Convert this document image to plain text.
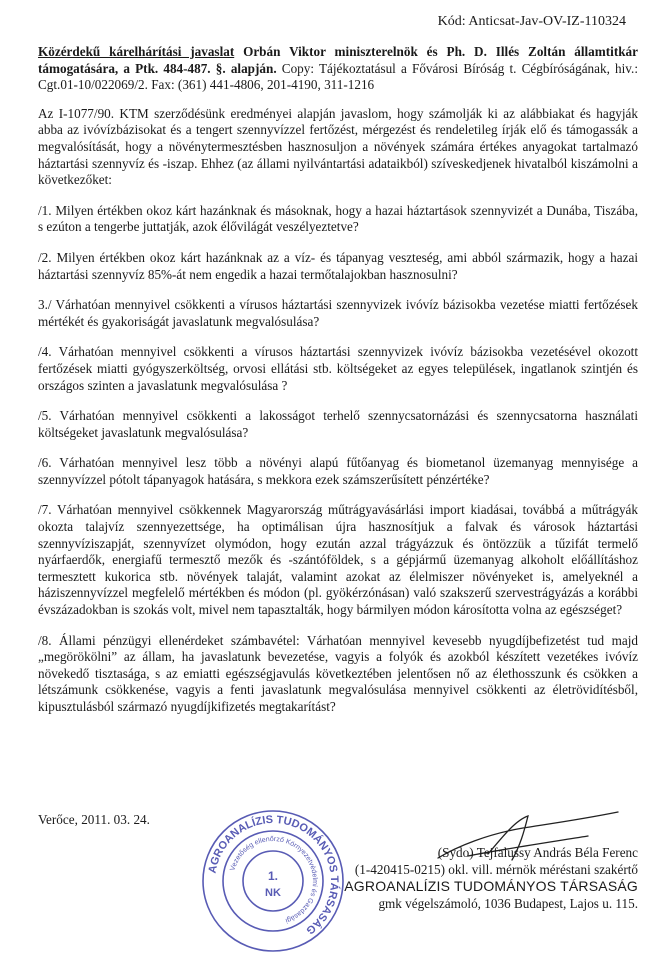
Kód: Anticsat-Jav-OV-IZ-110324
Közérdekű kárelhárítási javaslat Orbán Viktor miniszterelnök és Ph. D. Illés Zoltán államtitkár támogatására, a Ptk. 484-487. §. alapján. Copy: Tájékoztatásul a Fővárosi Bíróság t. Cégbíróságának, hiv.: Cgt.01-10/022069/2. Fax: (361) 441-4806, 201-4190, 311-1216

Az I-1077/90. KTM szerződésünk eredményei alapján javaslom, hogy számolják ki az alábbiakat és hagyják abba az ivóvízbázisokat és a tengert szennyvízzel fertőzést, mérgezést és rendeletileg írják elő és támogassák a megvalósítását, hogy a növénytermesztésben hasznosuljon a növények számára értékes anyagokat tartalmazó háztartási szennyvíz és -iszap. Ehhez (az állami nyilvántartási adataikból) szíveskedjenek hivatalból kiszámolni a következőket:

/1. Milyen értékben okoz kárt hazánknak és másoknak, hogy a hazai háztartások szennyvizét a Dunába, Tiszába, s ezúton a tengerbe juttatják, azok élővilágát veszélyeztetve?

/2. Milyen értékben okoz kárt hazánknak az a víz- és tápanyag veszteség, ami abból származik, hogy a hazai háztartási szennyvíz 85%-át nem engedik a hazai termőtalajokban hasznosulni?

3./ Várhatóan mennyivel csökkenti a vírusos háztartási szennyvizek ivóvíz bázisokba vezetése miatti fertőzések mértékét és gyakoriságát javaslatunk megvalósulása?

/4. Várhatóan mennyivel csökkenti a vírusos háztartási szennyvizek ivóvíz bázisokba vezetésével okozott fertőzések miatti gyógyszerköltség, orvosi ellátási stb. költségeket az egyes települések, ingatlanok szintjén és országos szinten a javaslatunk megvalósulása ?

/5. Várhatóan mennyivel csökkenti a lakosságot terhelő szennycsatornázási és szennycsatorna használati költségeket javaslatunk megvalósulása?

/6. Várhatóan mennyivel lesz több a növényi alapú fűtőanyag és biometanol üzemanyag mennyisége a szennyvízzel pótolt tápanyagok hatására, s mekkora ezek számszerűsített pénzértéke?

/7. Várhatóan mennyivel csökkennek Magyarország műtrágyavásárlási import kiadásai, továbbá a műtrágyák okozta talajvíz szennyezettsége, ha optimálisan újra hasznosítjuk a falvak és városok háztartási szennyvíziszapját, szennyvízet olymódon, hogy ezután azzal trágyázzuk és öntözzük a tűzifát termelő nyárfaerdők, energiafű termesztő mezők és -szántóföldek, s a gépjármű üzemanyag alkoholt előállításhoz termesztett kukorica stb. növények talaját, valamint azokat az élelmiszer növényeket is, amelyeknél a háziszennyvízzel megfelelő mértékben és módon (pl. gyökérzónásan) való szakszerű szervestrágyázás a korábbi évszázadokban is szokás volt, mivel nem tapasztalták, hogy bármilyen módon károsította volna az egészséget?

/8. Állami pénzügyi ellenérdeket számbavétel: Várhatóan mennyivel kevesebb nyugdíjbefizetést tud majd „megörökölni” az állam, ha javaslatunk bevezetése, vagyis a folyók és azokból készített vezetékes ivóvíz növekedő tisztasága, s az emiatti egészségjavulás következtében jelentősen nő az élethosszunk és csökken a létszámunk csökkenése, vagyis a fenti javaslatunk megvalósulása mennyivel csökkenti az életrövidítésből, kipusztulásból származó nyugdíjkifizetés megtakarítást?

Verőce, 2011. 03. 24.
AGROANALÍZIS TUDOMÁNYOS TÁRSASÁG
Vezetőség ellenőrző Környezetvédelmi és Gazdasági
1.
NK
(Sydo) Tejfalussy András Béla Ferenc
(1-420415-0215) okl. vill. mérnök méréstani szakértő
AGROANALÍZIS TUDOMÁNYOS TÁRSASÁG
gmk végelszámoló, 1036 Budapest, Lajos u. 115.
